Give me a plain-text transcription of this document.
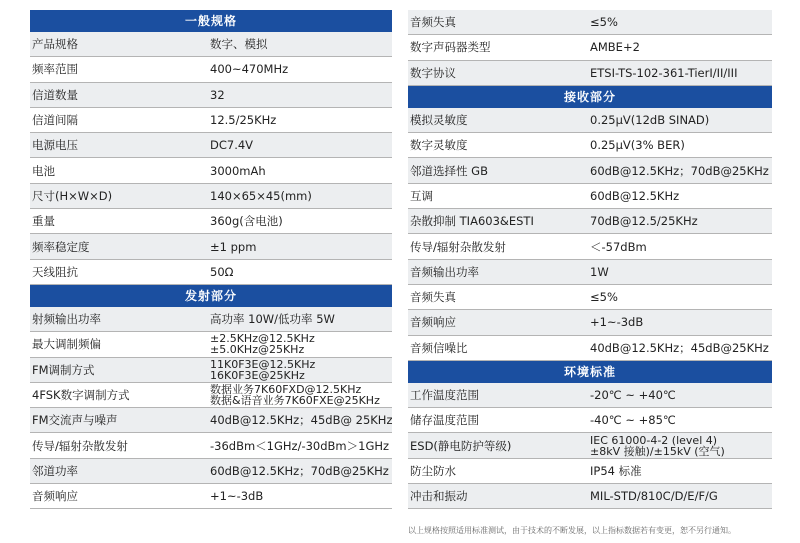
一般规格
产品规格	数字、模拟
频率范围	400~470MHz
信道数量	32
信道间隔	12.5/25KHz
电源电压	DC7.4V
电池	3000mAh
尺寸(H×W×D)	140×65×45(mm)
重量	360g(含电池)
频率稳定度	±1 ppm
天线阻抗	50Ω
发射部分
射频输出功率	高功率 10W/低功率 5W
最大调制频偏	±2.5KHz@12.5KHz
±5.0KHz@25KHz
FM调制方式	11K0F3E@12.5KHz
16K0F3E@25KHz
4FSK数字调制方式	数据业务7K60FXD@12.5KHz
数据&语音业务7K60FXE@25KHz
FM交流声与噪声	40dB@12.5KHz；45dB@ 25KHz
传导/辐射杂散发射	-36dBm＜1GHz/-30dBm＞1GHz
邻道功率	60dB@12.5KHz；70dB@25KHz
音频响应	+1~-3dB
音频失真	≤5%
数字声码器类型	AMBE+2
数字协议	ETSI-TS-102-361-TierI/II/III
接收部分
模拟灵敏度	0.25μV(12dB SINAD)
数字灵敏度	0.25μV(3% BER)
邻道选择性 GB	60dB@12.5KHz；70dB@25KHz
互调	60dB@12.5KHz
杂散抑制 TIA603&ESTI	70dB@12.5/25KHz
传导/辐射杂散发射	＜-57dBm
音频输出功率	1W
音频失真	≤5%
音频响应	+1~-3dB
音频信噪比	40dB@12.5KHz；45dB@25KHz
环境标准
工作温度范围	-20℃ ~ +40℃
储存温度范围	-40℃ ~ +85℃
ESD(静电防护等级)	IEC 61000-4-2 (level 4)
±8kV 接触)/±15kV (空气)
防尘防水	IP54 标准
冲击和振动	MIL-STD/810C/D/E/F/G
以上规格按照适用标准测试，由于技术的不断发展，以上指标数据若有变更，恕不另行通知。
